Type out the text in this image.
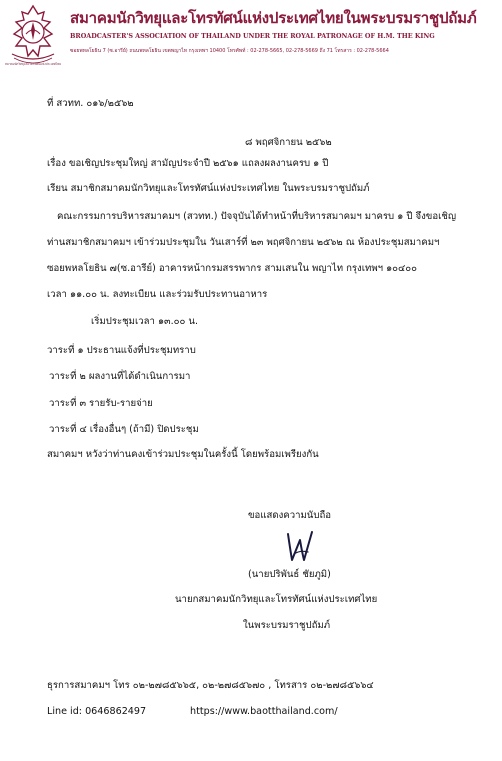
สมาคมนักวิทยุและโทรทัศน์แห่งประเทศไทย
สมาคมนักวิทยุและโทรทัศน์แห่งประเทศไทยในพระบรมราชูปถัมภ์
BROADCASTER'S ASSOCIATION OF THAILAND UNDER THE ROYAL PATRONAGE OF H.M. THE KING
ซอยพหลโยธิน 7 (ซ.อารีย์) ถนนพหลโยธิน เขตพญาไท กรุงเทพฯ 10400 โทรศัพท์ : 02-278-5665, 02-278-5669 ถึง 71 โทรสาร : 02-278-5664
ที่ สวทท. ๐๑๖/๒๕๖๒
๘ พฤศจิกายน ๒๕๖๒
เรื่อง ขอเชิญประชุมใหญ่ สามัญประจำปี ๒๕๖๑ แถลงผลงานครบ ๑ ปี
เรียน สมาชิกสมาคมนักวิทยุและโทรทัศน์แห่งประเทศไทย ในพระบรมราชูปถัมภ์
คณะกรรมการบริหารสมาคมฯ (สวทท.) ปัจจุบันได้ทำหน้าที่บริหารสมาคมฯ มาครบ ๑ ปี จึงขอเชิญ
ท่านสมาชิกสมาคมฯ เข้าร่วมประชุมใน วันเสาร์ที่ ๒๓ พฤศจิกายน ๒๕๖๒ ณ ห้องประชุมสมาคมฯ
ซอยพหลโยธิน ๗(ซ.อารีย์) อาคารหน้ากรมสรรพากร สามเสนใน พญาไท กรุงเทพฯ ๑๐๔๐๐
เวลา ๑๑.๐๐ น. ลงทะเบียน และร่วมรับประทานอาหาร
เริ่มประชุมเวลา ๑๓.๐๐ น.
วาระที่ ๑ ประธานแจ้งที่ประชุมทราบ
วาระที่ ๒ ผลงานที่ได้ดำเนินการมา
วาระที่ ๓ รายรับ-รายจ่าย
วาระที่ ๔ เรื่องอื่นๆ (ถ้ามี) ปิดประชุม
สมาคมฯ หวังว่าท่านคงเข้าร่วมประชุมในครั้งนี้ โดยพร้อมเพรียงกัน
ขอแสดงความนับถือ
(นายปริพันธ์ ชัยภูมิ)
นายกสมาคมนักวิทยุและโทรทัศน์แห่งประเทศไทย
ในพระบรมราชูปถัมภ์
ธุรการสมาคมฯ โทร ๐๒-๒๗๘๕๖๖๕, ๐๒-๒๗๘๕๖๗๐ , โทรสาร ๐๒-๒๗๘๕๖๖๔
Line id: 0646862497	https://www.baotthailand.com/
